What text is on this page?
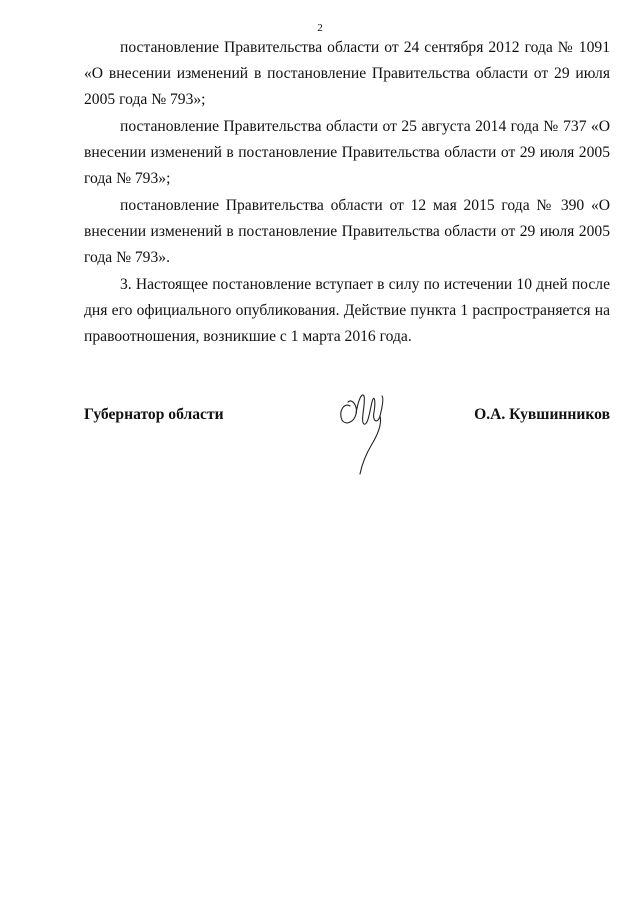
2

постановление Правительства области от 24 сентября 2012 года № 1091 «О внесении изменений в постановление Правительства области от 29 июля 2005 года № 793»;

постановление Правительства области от 25 августа 2014 года № 737 «О внесении изменений в постановление Правительства области от 29 июля 2005 года № 793»;

постановление Правительства области от 12 мая 2015 года № 390 «О внесении изменений в постановление Правительства области от 29 июля 2005 года № 793».

3. Настоящее постановление вступает в силу по истечении 10 дней после дня его официального опубликования. Действие пункта 1 распространяется на правоотношения, возникшие с 1 марта 2016 года.

Губернатор области	О.А. Кувшинников
